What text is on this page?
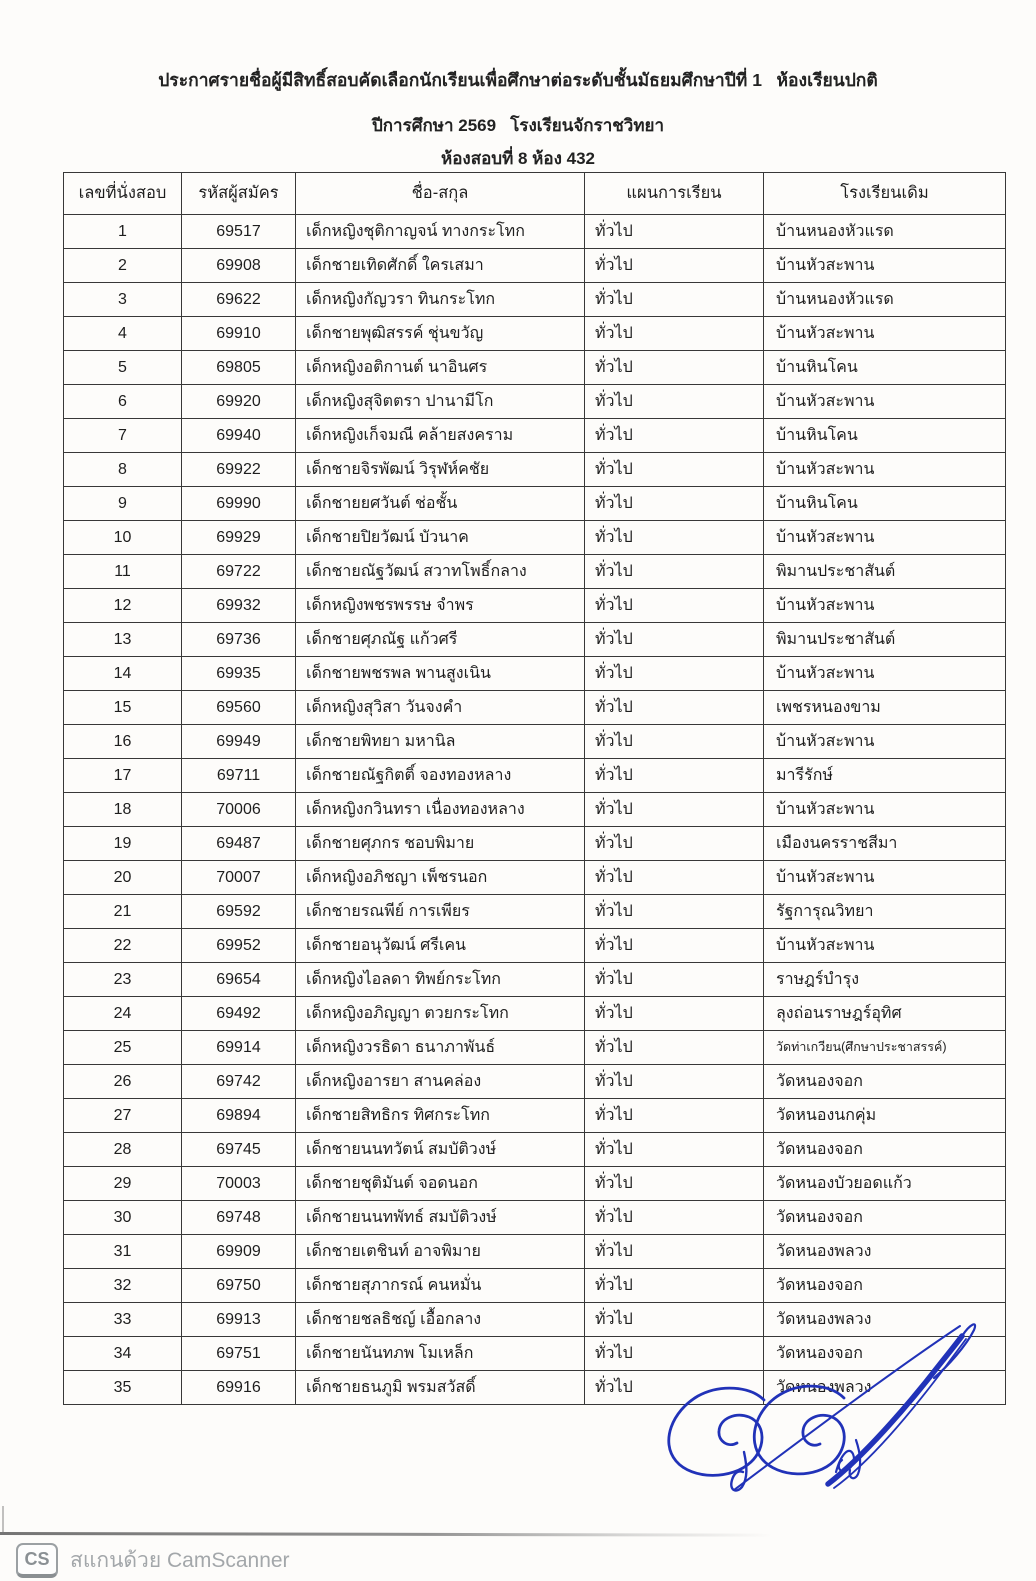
ประกาศรายชื่อผู้มีสิทธิ์สอบคัดเลือกนักเรียนเพื่อศึกษาต่อระดับชั้นมัธยมศึกษาปีที่ 1   ห้องเรียนปกติ
ปีการศึกษา 2569   โรงเรียนจักราชวิทยา
ห้องสอบที่ 8 ห้อง 432
เลขที่นั่งสอบ	รหัสผู้สมัคร	ชื่อ-สกุล	แผนการเรียน	โรงเรียนเดิม
1	69517	เด็กหญิงชุติกาญจน์ ทางกระโทก	ทั่วไป	บ้านหนองหัวแรด
2	69908	เด็กชายเทิดศักดิ์ ใครเสมา	ทั่วไป	บ้านหัวสะพาน
3	69622	เด็กหญิงกัญวรา ทินกระโทก	ทั่วไป	บ้านหนองหัวแรด
4	69910	เด็กชายพุฒิสรรค์ ชุ่นขวัญ	ทั่วไป	บ้านหัวสะพาน
5	69805	เด็กหญิงอติกานต์ นาอินศร	ทั่วไป	บ้านหินโคน
6	69920	เด็กหญิงสุจิตตรา ปานามีโก	ทั่วไป	บ้านหัวสะพาน
7	69940	เด็กหญิงเก็จมณี คล้ายสงคราม	ทั่วไป	บ้านหินโคน
8	69922	เด็กชายจิรพัฒน์ วิรุฬห์คชัย	ทั่วไป	บ้านหัวสะพาน
9	69990	เด็กชายยศวันต์ ช่อชั้น	ทั่วไป	บ้านหินโคน
10	69929	เด็กชายปิยวัฒน์ บัวนาค	ทั่วไป	บ้านหัวสะพาน
11	69722	เด็กชายณัฐวัฒน์ สวาทโพธิ์กลาง	ทั่วไป	พิมานประชาสันต์
12	69932	เด็กหญิงพชรพรรษ จำพร	ทั่วไป	บ้านหัวสะพาน
13	69736	เด็กชายศุภณัฐ แก้วศรี	ทั่วไป	พิมานประชาสันต์
14	69935	เด็กชายพชรพล พานสูงเนิน	ทั่วไป	บ้านหัวสะพาน
15	69560	เด็กหญิงสุวิสา วันจงคำ	ทั่วไป	เพชรหนองขาม
16	69949	เด็กชายพิทยา มหานิล	ทั่วไป	บ้านหัวสะพาน
17	69711	เด็กชายณัฐกิตติ์ จองทองหลาง	ทั่วไป	มารีรักษ์
18	70006	เด็กหญิงกวินทรา เนื่องทองหลาง	ทั่วไป	บ้านหัวสะพาน
19	69487	เด็กชายศุภกร ชอบพิมาย	ทั่วไป	เมืองนครราชสีมา
20	70007	เด็กหญิงอภิชญา เพ็ชรนอก	ทั่วไป	บ้านหัวสะพาน
21	69592	เด็กชายรณพีย์ การเพียร	ทั่วไป	รัฐการุณวิทยา
22	69952	เด็กชายอนุวัฒน์ ศรีเคน	ทั่วไป	บ้านหัวสะพาน
23	69654	เด็กหญิงไอลดา ทิพย์กระโทก	ทั่วไป	ราษฎร์บำรุง
24	69492	เด็กหญิงอภิญญา ตวยกระโทก	ทั่วไป	ลุงถ่อนราษฎร์อุทิศ
25	69914	เด็กหญิงวรธิดา ธนาภาพันธ์	ทั่วไป	วัดท่าเกวียน(ศึกษาประชาสรรค์)
26	69742	เด็กหญิงอารยา สานคล่อง	ทั่วไป	วัดหนองจอก
27	69894	เด็กชายสิทธิกร ทิศกระโทก	ทั่วไป	วัดหนองนกคุ่ม
28	69745	เด็กชายนนทวัตน์ สมบัติวงษ์	ทั่วไป	วัดหนองจอก
29	70003	เด็กชายชุติมันต์ จอดนอก	ทั่วไป	วัดหนองบัวยอดแก้ว
30	69748	เด็กชายนนทพัทธ์ สมบัติวงษ์	ทั่วไป	วัดหนองจอก
31	69909	เด็กชายเตชินท์ อาจพิมาย	ทั่วไป	วัดหนองพลวง
32	69750	เด็กชายสุภากรณ์ คนหมั่น	ทั่วไป	วัดหนองจอก
33	69913	เด็กชายชลธิชญ์ เอื้อกลาง	ทั่วไป	วัดหนองพลวง
34	69751	เด็กชายนันทภพ โมเหล็ก	ทั่วไป	วัดหนองจอก
35	69916	เด็กชายธนภูมิ พรมสวัสดิ์	ทั่วไป	วัดหนองพลวง
CS สแกนด้วย CamScanner
